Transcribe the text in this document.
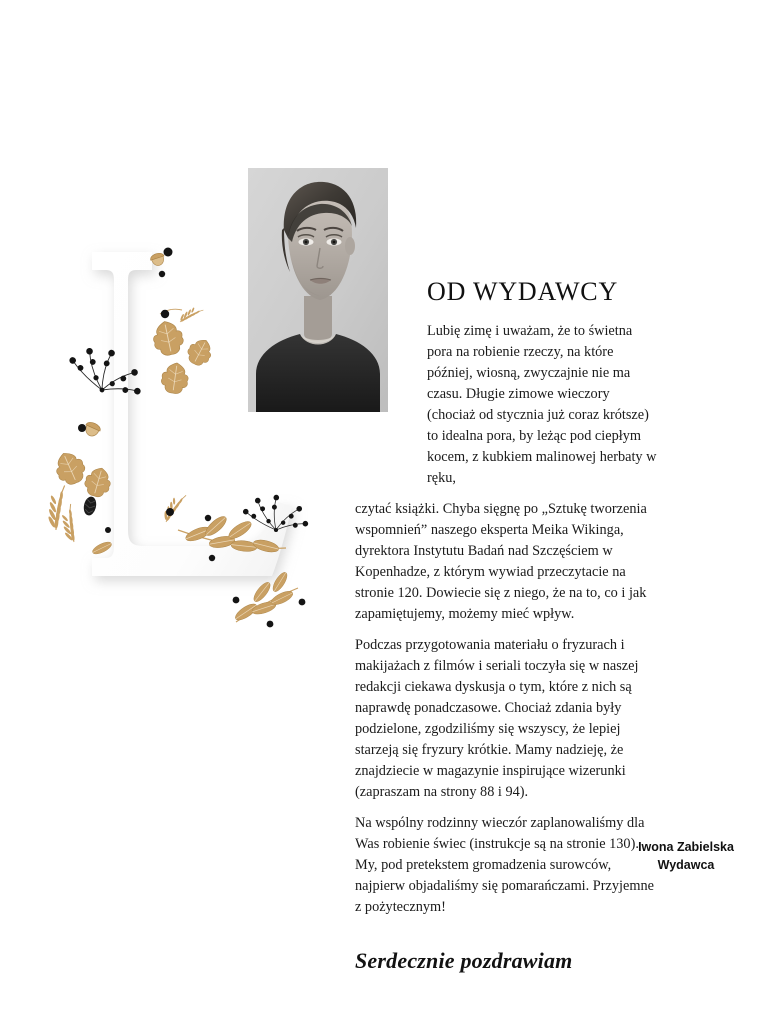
OD WYDAWCY

Lubię zimę i uważam, że to świetna pora na robienie rzeczy, na które później, wiosną, zwyczajnie nie ma czasu. Długie zimowe wieczory (chociaż od stycznia już coraz krótsze) to idealna pora, by leżąc pod ciepłym kocem, z kubkiem malinowej herbaty w ręku,

czytać książki. Chyba sięgnę po „Sztukę tworzenia wspomnień” naszego eksperta Meika Wikinga, dyrektora Instytutu Badań nad Szczęściem w Kopenhadze, z którym wywiad przeczytacie na stronie 120. Dowiecie się z niego, że na to, co i jak zapamiętujemy, możemy mieć wpływ.

Podczas przygotowania materiału o fryzurach i makijażach z filmów i seriali toczyła się w naszej redakcji ciekawa dyskusja o tym, które z nich są naprawdę ponadczasowe. Chociaż zdania były podzielone, zgodziliśmy się wszyscy, że lepiej starzeją się fryzury krótkie. Mamy nadzieję, że znajdziecie w magazynie inspirujące wizerunki (zapraszam na strony 88 i 94).

Na wspólny rodzinny wieczór zaplanowaliśmy dla Was robienie świec (instrukcje są na stronie 130). My, pod pretekstem gromadzenia surowców, najpierw objadaliśmy się pomarańczami. Przyjemne z pożytecznym!

Serdecznie pozdrawiam
Iwona Zabielska
Wydawca
